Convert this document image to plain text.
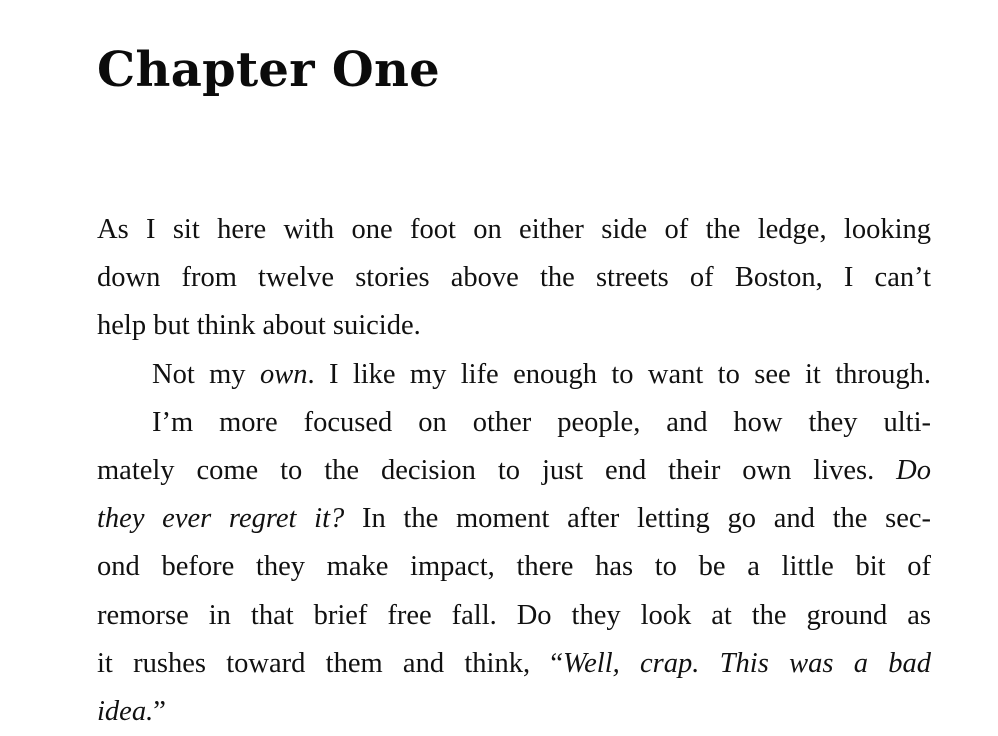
Chapter One
As I sit here with one foot on either side of the ledge, looking
down from twelve stories above the streets of Boston, I can’t
help but think about suicide.
Not my own. I like my life enough to want to see it through.
I’m more focused on other people, and how they ulti-
mately come to the decision to just end their own lives. Do
they ever regret it? In the moment after letting go and the sec-
ond before they make impact, there has to be a little bit of
remorse in that brief free fall. Do they look at the ground as
it rushes toward them and think, “Well, crap. This was a bad
idea.”
